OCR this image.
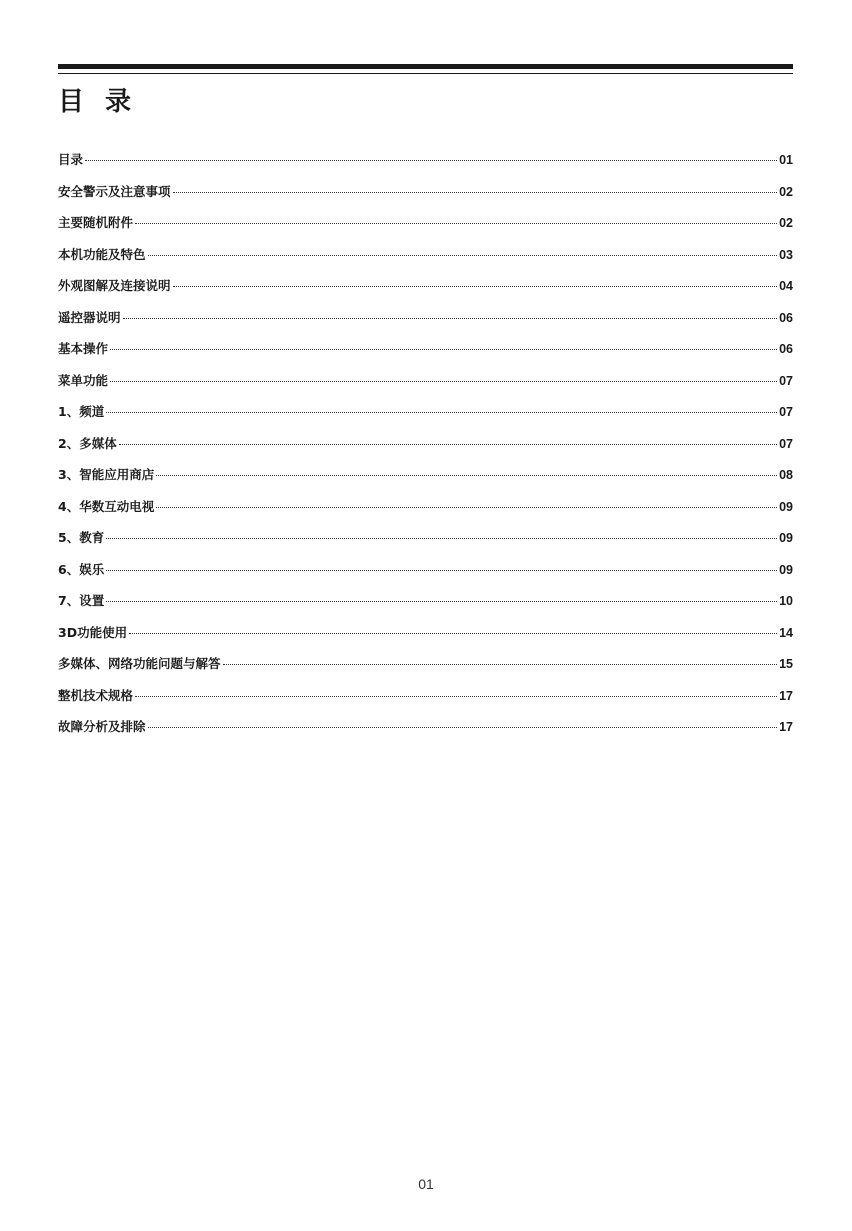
目 录
目录	01
安全警示及注意事项	02
主要随机附件	02
本机功能及特色	03
外观图解及连接说明	04
遥控器说明	06
基本操作	06
菜单功能	07
1、频道	07
2、多媒体	07
3、智能应用商店	08
4、华数互动电视	09
5、教育	09
6、娱乐	09
7、设置	10
3D功能使用	14
多媒体、网络功能问题与解答	15
整机技术规格	17
故障分析及排除	17
01
